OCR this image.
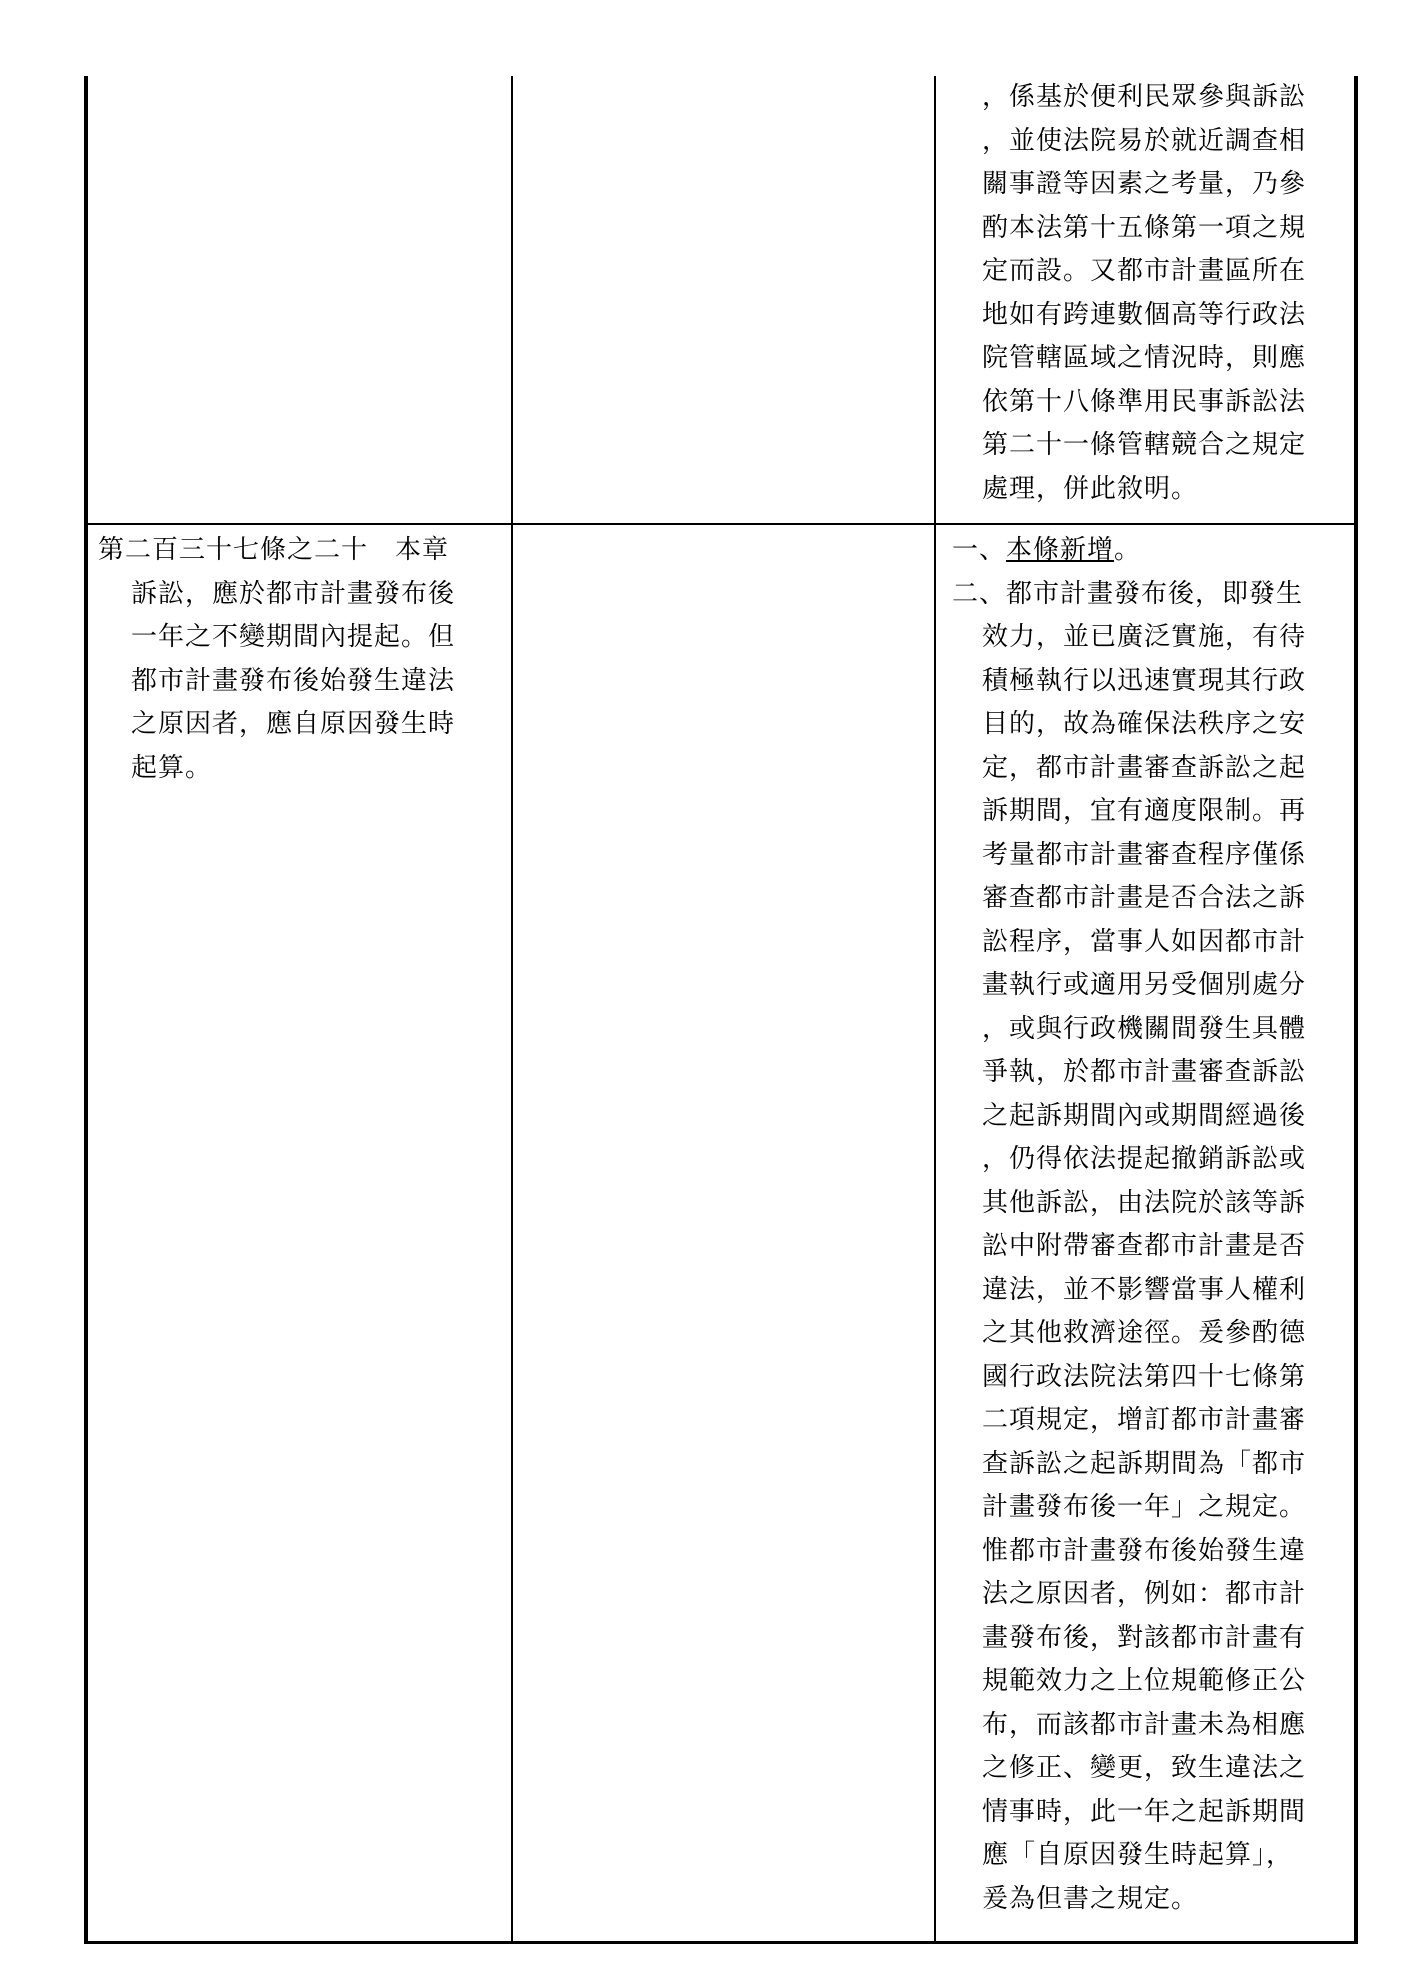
，係基於便利民眾參與訴訟
，並使法院易於就近調查相
關事證等因素之考量，乃參
酌本法第十五條第一項之規
定而設。又都市計畫區所在
地如有跨連數個高等行政法
院管轄區域之情況時，則應
依第十八條準用民事訴訟法
第二十一條管轄競合之規定
處理，併此敘明。
第二百三十七條之二十　本章
訴訟，應於都市計畫發布後
一年之不變期間內提起。但
都市計畫發布後始發生違法
之原因者，應自原因發生時
起算。
一、本條新增。
二、都市計畫發布後，即發生
效力，並已廣泛實施，有待
積極執行以迅速實現其行政
目的，故為確保法秩序之安
定，都市計畫審查訴訟之起
訴期間，宜有適度限制。再
考量都市計畫審查程序僅係
審查都市計畫是否合法之訴
訟程序，當事人如因都市計
畫執行或適用另受個別處分
，或與行政機關間發生具體
爭執，於都市計畫審查訴訟
之起訴期間內或期間經過後
，仍得依法提起撤銷訴訟或
其他訴訟，由法院於該等訴
訟中附帶審查都市計畫是否
違法，並不影響當事人權利
之其他救濟途徑。爰參酌德
國行政法院法第四十七條第
二項規定，增訂都市計畫審
查訴訟之起訴期間為「都市
計畫發布後一年」之規定。
惟都市計畫發布後始發生違
法之原因者，例如：都市計
畫發布後，對該都市計畫有
規範效力之上位規範修正公
布，而該都市計畫未為相應
之修正、變更，致生違法之
情事時，此一年之起訴期間
應「自原因發生時起算」，
爰為但書之規定。
